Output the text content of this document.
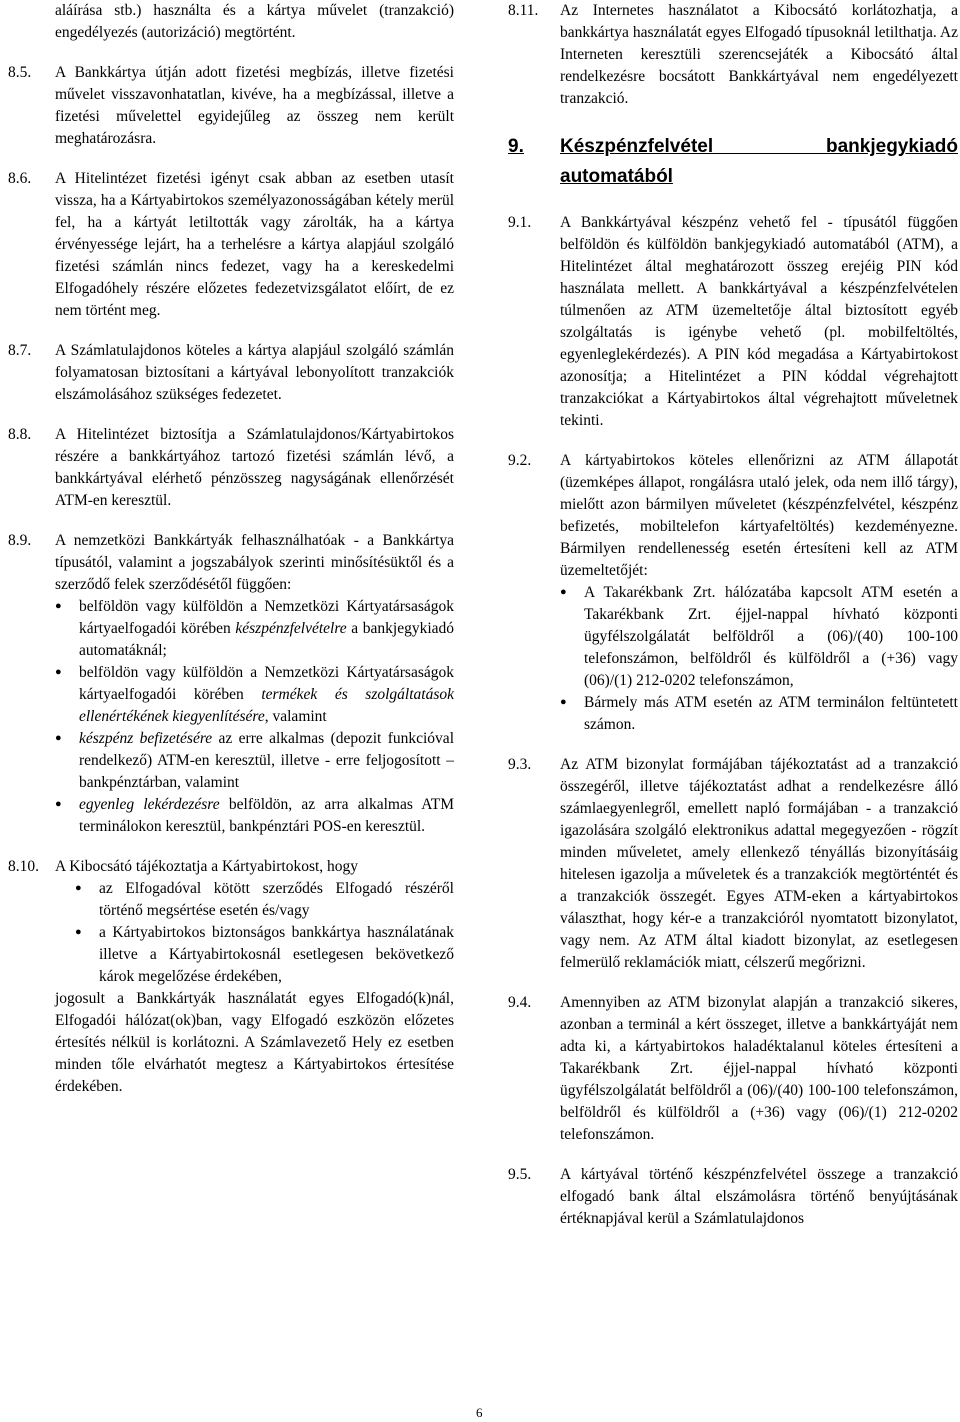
aláírása stb.) használta és a kártya művelet (tranzakció) engedélyezés (autorizáció) megtörtént.
8.5.	A Bankkártya útján adott fizetési megbízás, illetve fizetési művelet visszavonhatatlan, kivéve, ha a megbízással, illetve a fizetési művelettel egyidejűleg az összeg nem került meghatározásra.
8.6.	A Hitelintézet fizetési igényt csak abban az esetben utasít vissza, ha a Kártyabirtokos személyazonosságában kétely merül fel, ha a kártyát letiltották vagy zárolták, ha a kártya érvényessége lejárt, ha a terhelésre a kártya alapjául szolgáló fizetési számlán nincs fedezet, vagy ha a kereskedelmi Elfogadóhely részére előzetes fedezetvizsgálatot előírt, de ez nem történt meg.
8.7.	A Számlatulajdonos köteles a kártya alapjául szolgáló számlán folyamatosan biztosítani a kártyával lebonyolított tranzakciók elszámolásához szükséges fedezetet.
8.8.	A Hitelintézet biztosítja a Számlatulajdonos/Kártyabirtokos részére a bankkártyához tartozó fizetési számlán lévő, a bankkártyával elérhető pénzösszeg nagyságának ellenőrzését ATM-en keresztül.
8.9.	A nemzetközi Bankkártyák felhasználhatóak - a Bankkártya típusától, valamint a jogszabályok szerinti minősítésüktől és a szerződő felek szerződésétől függően:
●
belföldön vagy külföldön a Nemzetközi Kártyatársaságok kártyaelfogadói körében készpénzfelvételre a bankjegykiadó automatáknál;
●
belföldön vagy külföldön a Nemzetközi Kártyatársaságok kártyaelfogadói körében termékek és szolgáltatások ellenértékének kiegyenlítésére, valamint
●
készpénz befizetésére az erre alkalmas (depozit funkcióval rendelkező) ATM-en keresztül, illetve - erre feljogosított – bankpénztárban, valamint
●
egyenleg lekérdezésre belföldön, az arra alkalmas ATM terminálokon keresztül, bankpénztári POS-en keresztül.
8.10.	A Kibocsátó tájékoztatja a Kártyabirtokost, hogy
●
az Elfogadóval kötött szerződés Elfogadó részéről történő megsértése esetén és/vagy
●
a Kártyabirtokos biztonságos bankkártya használatának illetve a Kártyabirtokosnál esetlegesen bekövetkező károk megelőzése érdekében,
jogosult a Bankkártyák használatát egyes Elfogadó(k)nál, Elfogadói hálózat(ok)ban, vagy Elfogadó eszközön előzetes értesítés nélkül is korlátozni. A Számlavezető Hely ez esetben minden tőle elvárhatót megtesz a Kártyabirtokos értesítése érdekében.
8.11.	Az Internetes használatot a Kibocsátó korlátozhatja, a bankkártya használatát egyes Elfogadó típusoknál letilthatja. Az Interneten keresztüli szerencsejáték a Kibocsátó által rendelkezésre bocsátott Bankkártyával nem engedélyezett tranzakció.
9.	Készpénzfelvétel bankjegykiadó
automatából
9.1.	A Bankkártyával készpénz vehető fel - típusától függően belföldön és külföldön bankjegykiadó automatából (ATM), a Hitelintézet által meghatározott összeg erejéig PIN kód használata mellett. A bankkártyával a készpénzfelvételen túlmenően az ATM üzemeltetője által biztosított egyéb szolgáltatás is igénybe vehető (pl. mobilfeltöltés, egyenleglekérdezés). A PIN kód megadása a Kártyabirtokost azonosítja; a Hitelintézet a PIN kóddal végrehajtott tranzakciókat a Kártyabirtokos által végrehajtott műveletnek tekinti.
9.2.	A kártyabirtokos köteles ellenőrizni az ATM állapotát (üzemképes állapot, rongálásra utaló jelek, oda nem illő tárgy), mielőtt azon bármilyen műveletet (készpénzfelvétel, készpénz befizetés, mobiltelefon kártyafeltöltés) kezdeményezne. Bármilyen rendellenesség esetén értesíteni kell az ATM üzemeltetőjét:
●
A Takarékbank Zrt. hálózatába kapcsolt ATM esetén a Takarékbank Zrt. éjjel-nappal hívható központi ügyfélszolgálatát belföldről a (06)/(40) 100-100 telefonszámon, belföldről és külföldről a (+36) vagy (06)/(1) 212-0202 telefonszámon,
●
Bármely más ATM esetén az ATM terminálon feltüntetett számon.
9.3.	Az ATM bizonylat formájában tájékoztatást ad a tranzakció összegéről, illetve tájékoztatást adhat a rendelkezésre álló számlaegyenlegről, emellett napló formájában - a tranzakció igazolására szolgáló elektronikus adattal megegyezően - rögzít minden műveletet, amely ellenkező tényállás bizonyításáig hitelesen igazolja a műveletek és a tranzakciók megtörténtét és a tranzakciók összegét. Egyes ATM-eken a kártyabirtokos választhat, hogy kér-e a tranzakcióról nyomtatott bizonylatot, vagy nem. Az ATM által kiadott bizonylat, az esetlegesen felmerülő reklamációk miatt, célszerű megőrizni.
9.4.	Amennyiben az ATM bizonylat alapján a tranzakció sikeres, azonban a terminál a kért összeget, illetve a bankkártyáját nem adta ki, a kártyabirtokos haladéktalanul köteles értesíteni a Takarékbank Zrt. éjjel-nappal hívható központi ügyfélszolgálatát belföldről a (06)/(40) 100-100 telefonszámon, belföldről és külföldről a (+36) vagy (06)/(1) 212-0202 telefonszámon.
9.5.	A kártyával történő készpénzfelvétel összege a tranzakció elfogadó bank által elszámolásra történő benyújtásának értéknapjával kerül a Számlatulajdonos
6
